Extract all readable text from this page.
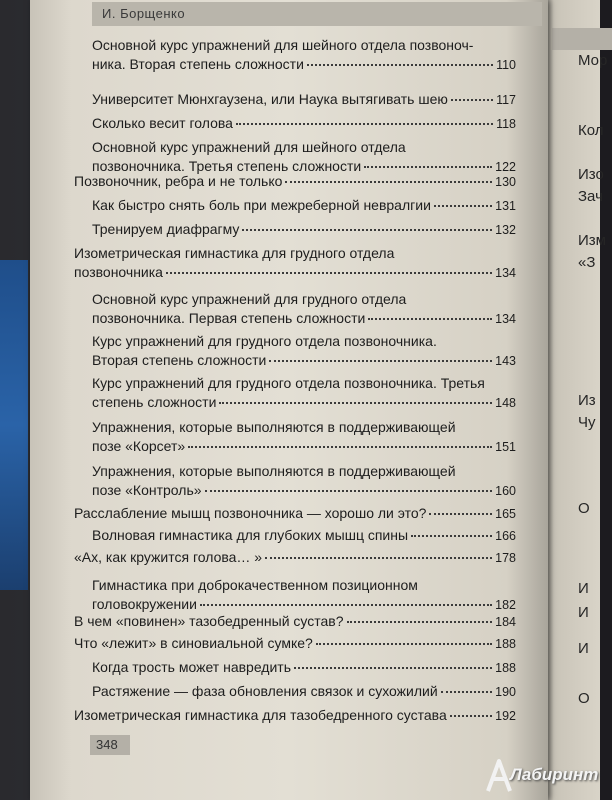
Мор
Кол
Изо
Зач
Изм
«З
Из
Чу
О
И
И
И
О
И. Борщенко
Основной курс упражнений для шейного отдела позвоноч-
ника. Вторая степень сложности	110
Университет Мюнхгаузена, или Наука вытягивать шею	117
Сколько весит голова	118
Основной курс упражнений для шейного отдела
позвоночника. Третья степень сложности	122
Позвоночник, ребра и не только	130
Как быстро снять боль при межреберной невралгии	131
Тренируем диафрагму	132
Изометрическая гимнастика для грудного отдела
позвоночника	134
Основной курс упражнений для грудного отдела
позвоночника. Первая степень сложности	134
Курс упражнений для грудного отдела позвоночника.
Вторая степень сложности	143
Курс упражнений для грудного отдела позвоночника. Третья
степень сложности	148
Упражнения, которые выполняются в поддерживающей
позе «Корсет»	151
Упражнения, которые выполняются в поддерживающей
позе «Контроль»	160
Расслабление мышц позвоночника — хорошо ли это?	165
Волновая гимнастика для глубоких мышц спины	166
«Ах, как кружится голова… »	178
Гимнастика при доброкачественном позиционном
головокружении	182
В чем «повинен» тазобедренный сустав?	184
Что «лежит» в синовиальной сумке?	188
Когда трость может навредить	188
Растяжение — фаза обновления связок и сухожилий	190
Изометрическая гимнастика для тазобедренного сустава	192
348
Лабиринт
